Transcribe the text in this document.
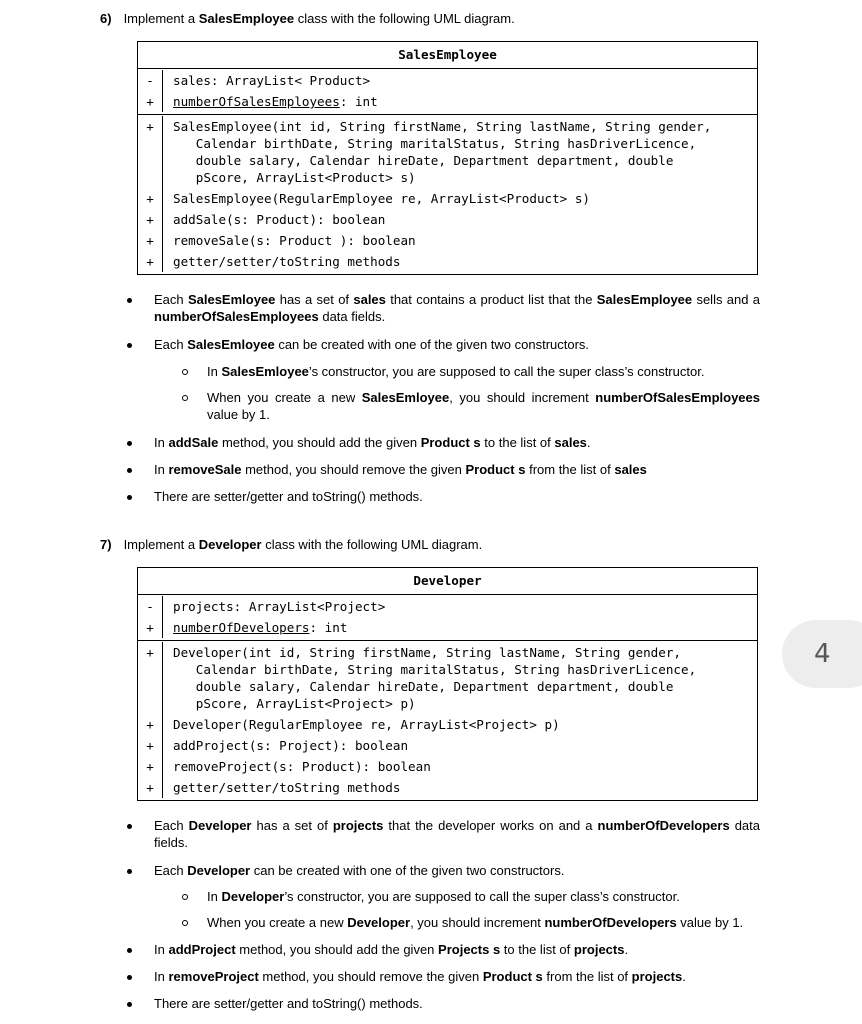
6) Implement a SalesEmployee class with the following UML diagram.
SalesEmployee
-	sales: ArrayList< Product>
+	numberOfSalesEmployees: int
+	SalesEmployee(int id, String firstName, String lastName, String gender,
Calendar birthDate, String maritalStatus, String hasDriverLicence,
double salary, Calendar hireDate, Department department, double
pScore, ArrayList<Product> s)
+	SalesEmployee(RegularEmployee re, ArrayList<Product> s)
+	addSale(s: Product): boolean
+	removeSale(s: Product ): boolean
+	getter/setter/toString methods
Each SalesEmloyee has a set of sales that contains a product list that the SalesEmployee sells and a numberOfSalesEmployees data fields.
Each SalesEmloyee can be created with one of the given two constructors.
In SalesEmloyee’s constructor, you are supposed to call the super class’s constructor.
When you create a new SalesEmloyee, you should increment numberOfSalesEmployees value by 1.
In addSale method, you should add the given Product s to the list of sales.
In removeSale method, you should remove the given Product s from the list of sales
There are setter/getter and toString() methods.
7) Implement a Developer class with the following UML diagram.
Developer
-	projects: ArrayList<Project>
+	numberOfDevelopers: int
+	Developer(int id, String firstName, String lastName, String gender,
Calendar birthDate, String maritalStatus, String hasDriverLicence,
double salary, Calendar hireDate, Department department, double
pScore, ArrayList<Project> p)
+	Developer(RegularEmployee re, ArrayList<Project> p)
+	addProject(s: Project): boolean
+	removeProject(s: Product): boolean
+	getter/setter/toString methods
Each Developer has a set of projects that the developer works on and a numberOfDevelopers data fields.
Each Developer can be created with one of the given two constructors.
In Developer’s constructor, you are supposed to call the super class’s constructor.
When you create a new Developer, you should increment numberOfDevelopers value by 1.
In addProject method, you should add the given Projects s to the list of projects.
In removeProject method, you should remove the given Product s from the list of projects.
There are setter/getter and toString() methods.
4
